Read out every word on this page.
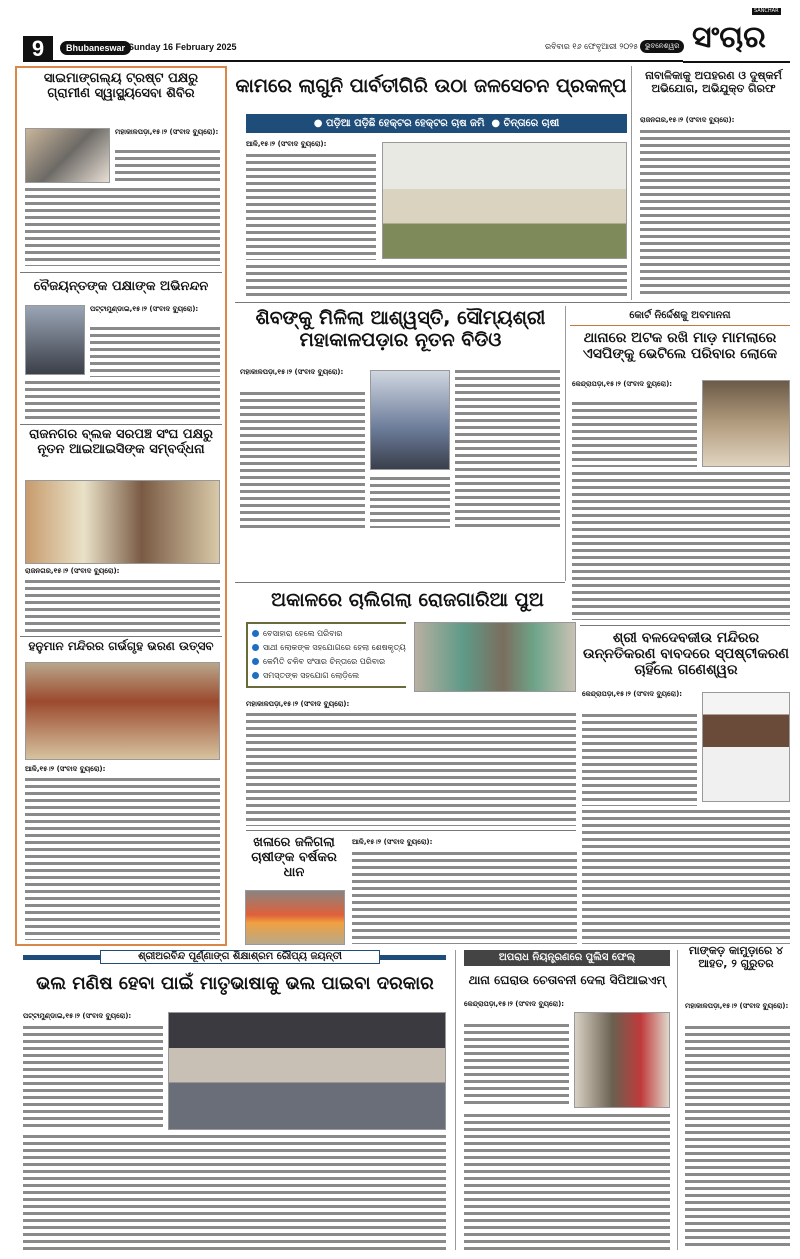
9	Bhubaneswar Sunday 16 February 2025	ରବିବାର ୧୬ ଫେବୃଆରୀ ୨୦୨୫ ଭୁବନେଶ୍ୱର
SANCHAR
ସଂଚାର
ସାଇମାଙ୍ଗଲ୍ୟ ଟ୍ରଷ୍ଟ ପକ୍ଷରୁ
ଗ୍ରାମୀଣ ସ୍ୱାସ୍ଥ୍ୟସେବା ଶିବିର
ମହାକାଳପଡ଼ା,୧୫।୨ (ସଂବାଦ ବ୍ୟୁରୋ):
ବୈଜୟନ୍ତଙ୍କ ପକ୍ଷାଙ୍କ ଅଭିନନ୍ଦନ
ପଟ୍ଟାମୁଣ୍ଡାଇ,୧୫।୨ (ସଂବାଦ ବ୍ୟୁରୋ):
ରାଜନଗର ବ୍ଲକ ସରପଞ୍ଚ ସଂଘ ପକ୍ଷରୁ ନୂତନ ଆଇଆଇସିଙ୍କ ସମ୍ବର୍ଦ୍ଧନା
ରାଜନଗର,୧୫।୨ (ସଂବାଦ ବ୍ୟୁରୋ):
ହନୁମାନ ମନ୍ଦିରର ଗର୍ଭଗୃହ ଭରଣ ଉତ୍ସବ
ଆଳି,୧୫।୨ (ସଂବାଦ ବ୍ୟୁରୋ):
କାମରେ ଲାଗୁନି ପାର୍ବତୀଗିରି ଉଠା ଜଳସେଚନ ପ୍ରକଳ୍ପ
● ପଡ଼ିଆ ପଡ଼ିଛି ହେକ୍ଟର ହେକ୍ଟର ଚାଷ ଜମି  ● ଚିନ୍ତାରେ ଚାଷୀ
ଆଳି,୧୫।୨ (ସଂବାଦ ବ୍ୟୁରୋ):
ନାବାଳିକାକୁ ଅପହରଣ ଓ ଦୁଷ୍କର୍ମ ଅଭିଯୋଗ, ଅଭିଯୁକ୍ତ ଗିରଫ
ରାଜନଗର,୧୫।୨ (ସଂବାଦ ବ୍ୟୁରୋ):
ଶିବଙ୍କୁ ମିଳିଲା ଆଶ୍ୱସ୍ତି, ସୌମ୍ୟଶ୍ରୀ ମହାକାଳପଡ଼ାର ନୂତନ ବିଡିଓ
ମହାକାଳପଡ଼ା,୧୫।୨ (ସଂବାଦ ବ୍ୟୁରୋ):
କୋର୍ଟ ନିର୍ଦ୍ଦେଶକୁ ଅବମାନନା
ଥାନାରେ ଅଟକ ରଖି ମାଡ଼ ମାମଲାରେ ଏସପିଙ୍କୁ ଭେଟିଲେ ପରିବାର ଲୋକେ
କେନ୍ଦ୍ରାପଡ଼ା,୧୫।୨ (ସଂବାଦ ବ୍ୟୁରୋ):
ଅକାଳରେ ଚାଲିଗଲା ରୋଜଗାରିଆ ପୁଅ
ବେସାହାରା ହେଲେ ପରିବାର
ସାଥୀ ଲୋକଙ୍କ ସହଯୋଗରେ ହେଲା ଶେଷକୃତ୍ୟ
କେମିତି ଚଳିବ ସଂସାର ଚିନ୍ତାରେ ପରିବାର
ସମସ୍ତଙ୍କ ସହଯୋଗ ଲୋଡ଼ିଲେ
ମହାକାଳପଡ଼ା,୧୫।୨ (ସଂବାଦ ବ୍ୟୁରୋ):
ଶ୍ରୀ ବଳଦେବଜୀଉ ମନ୍ଦିରର ଉନ୍ନତିକରଣ ବାବଦରେ ସ୍ପଷ୍ଟୀକରଣ ଚାହିଁଲେ ଗଣେଶ୍ୱର
କେନ୍ଦ୍ରାପଡ଼ା,୧୫।୨ (ସଂବାଦ ବ୍ୟୁରୋ):
ଖଳାରେ ଜଳିଗଲା ଚାଷୀଙ୍କ ବର୍ଷକର ଧାନ
ଆଳି,୧୫।୨ (ସଂବାଦ ବ୍ୟୁରୋ):
ଶ୍ରୀଅରବିନ୍ଦ ପୂର୍ଣ୍ଣାଙ୍ଗ ଶିକ୍ଷାଶ୍ରମ ରୌପ୍ୟ ଜୟନ୍ତୀ
ଭଲ ମଣିଷ ହେବା ପାଇଁ ମାତୃଭାଷାକୁ ଭଲ ପାଇବା ଦରକାର
ପଟ୍ଟାମୁଣ୍ଡାଇ,୧୫।୨ (ସଂବାଦ ବ୍ୟୁରୋ):
ଅପରାଧ ନିୟନ୍ତ୍ରଣରେ ପୁଲିସ ଫେଲ୍
ଥାନା ଘେରାଉ ଚେତାବନୀ ଦେଲା ସିପିଆଇଏମ୍
କେନ୍ଦ୍ରାପଡ଼ା,୧୫।୨ (ସଂବାଦ ବ୍ୟୁରୋ):
ମାଙ୍କଡ଼ କାମୁଡ଼ାରେ ୪ ଆହତ, ୨ ଗୁରୁତର
ମହାକାଳପଡ଼ା,୧୫।୨ (ସଂବାଦ ବ୍ୟୁରୋ):
